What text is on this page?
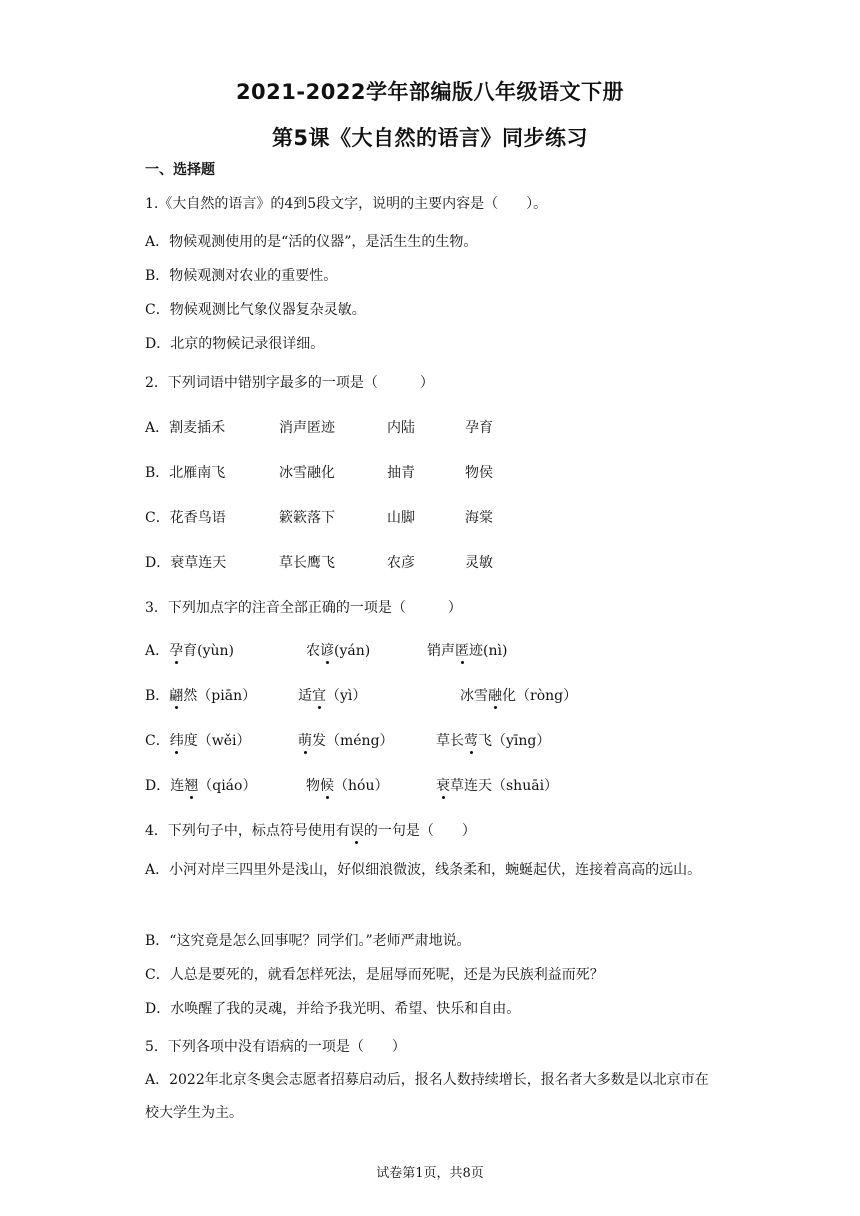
2021-2022学年部编版八年级语文下册
第5课《大自然的语言》同步练习
一、选择题
1.《大自然的语言》的4到5段文字，说明的主要内容是（　　）。
A．物候观测使用的是“活的仪器”，是活生生的生物。
B．物候观测对农业的重要性。
C．物候观测比气象仪器复杂灵敏。
D．北京的物候记录很详细。
2．下列词语中错别字最多的一项是（　　　）
A．割麦插禾	消声匿迹	内陆	孕育
B．北雁南飞	冰雪融化	抽青	物侯
C．花香鸟语	簌簌落下	山脚	海棠
D．衰草连天	草长鹰飞	农彦	灵敏
3．下列加点字的注音全部正确的一项是（　　　）
A．孕育(yùn)	农谚(yán)	销声匿迹(nì)
B．翩然（piān）	适宜（yì）	冰雪融化（ròng）
C．纬度（wěi）	萌发（méng）	草长莺飞（yīng）
D．连翘（qiáo）	物候（hóu）	衰草连天（shuāi）
4．下列句子中，标点符号使用有误的一句是（　　）
A．小河对岸三四里外是浅山，好似细浪微波，线条柔和，蜿蜒起伏，连接着高高的远山。
B．“这究竟是怎么回事呢？同学们。”老师严肃地说。
C．人总是要死的，就看怎样死法，是屈辱而死呢，还是为民族利益而死？
D．水唤醒了我的灵魂，并给予我光明、希望、快乐和自由。
5．下列各项中没有语病的一项是（　　）
A．2022年北京冬奥会志愿者招募启动后，报名人数持续增长，报名者大多数是以北京市在校大学生为主。
试卷第1页，共8页
